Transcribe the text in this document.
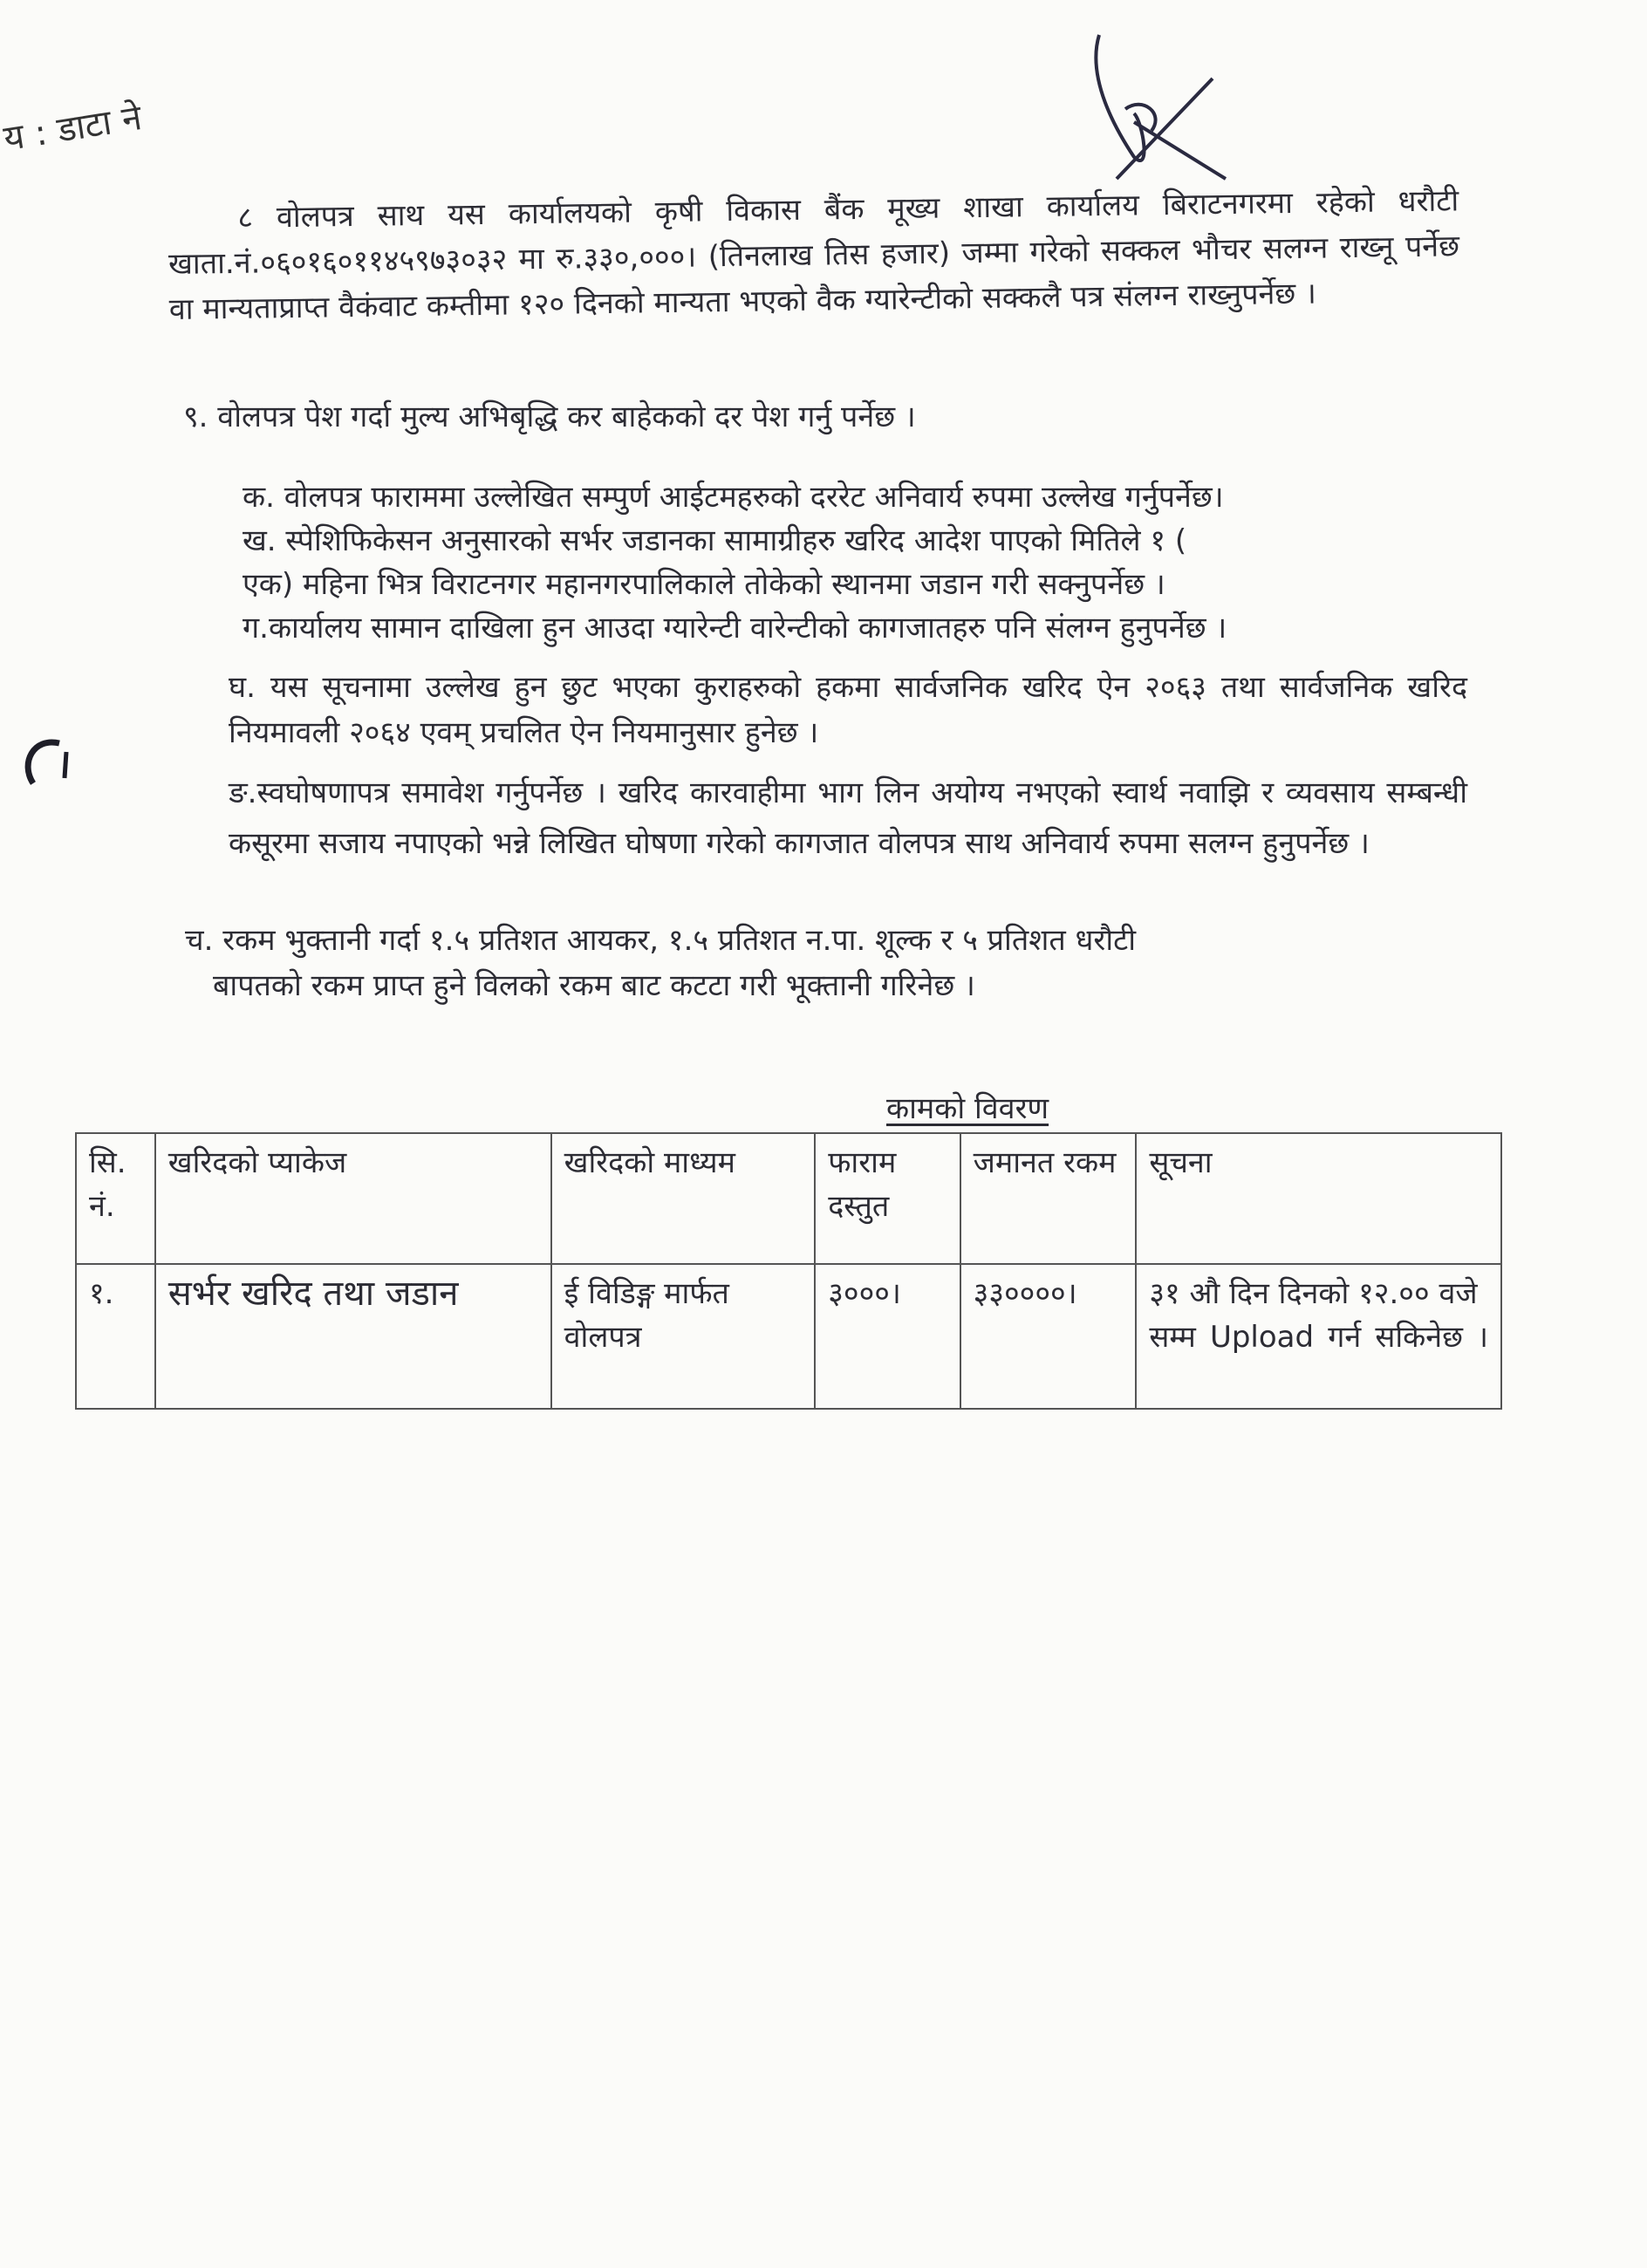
य : डाटा ने
८ वोलपत्र साथ यस कार्यालयको कृषी विकास बैंक मूख्य शाखा कार्यालय बिराटनगरमा रहेको धरौटी खाता.नं.०६०१६०११४५९७३०३२ मा रु.३३०,०००। (तिनलाख तिस हजार) जम्मा गरेको सक्कल भौचर सलग्न राख्नू पर्नेछ वा मान्यताप्राप्त वैकंवाट कम्तीमा १२० दिनको मान्यता भएको वैक ग्यारेन्टीको सक्कलै पत्र संलग्न राख्नुपर्नेछ ।
९. वोलपत्र पेश गर्दा मुल्य अभिबृद्धि कर बाहेकको दर पेश गर्नु पर्नेछ ।
क. वोलपत्र फाराममा उल्लेखित सम्पुर्ण आईटमहरुको दररेट अनिवार्य रुपमा उल्लेख गर्नुपर्नेछ।
ख. स्पेशिफिकेसन अनुसारको सर्भर जडानका सामाग्रीहरु खरिद आदेश पाएको मितिले १ (
एक) महिना भित्र विराटनगर महानगरपालिकाले तोकेको स्थानमा जडान गरी सक्नुपर्नेछ ।
ग.कार्यालय सामान दाखिला हुन आउदा ग्यारेन्टी वारेन्टीको कागजातहरु पनि संलग्न हुनुपर्नेछ ।
घ. यस सूचनामा उल्लेख हुन छुट भएका कुराहरुको हकमा सार्वजनिक खरिद ऐन २०६३ तथा सार्वजनिक खरिद नियमावली २०६४ एवम् प्रचलित ऐन नियमानुसार हुनेछ ।
ङ.स्वघोषणापत्र समावेश गर्नुपर्नेछ । खरिद कारवाहीमा भाग लिन अयोग्य नभएको स्वार्थ नवाझि र व्यवसाय सम्बन्धी कसूरमा सजाय नपाएको भन्ने लिखित घोषणा गरेको कागजात वोलपत्र साथ अनिवार्य रुपमा सलग्न हुनुपर्नेछ ।
च. रकम भुक्तानी गर्दा १.५ प्रतिशत आयकर, १.५ प्रतिशत न.पा. शूल्क र ५ प्रतिशत धरौटी
बापतको रकम प्राप्त हुने विलको रकम बाट कटटा गरी भूक्तानी गरिनेछ ।
कामको विवरण
सि. नं.	खरिदको प्याकेज	खरिदको माध्यम	फाराम दस्तुत	जमानत रकम	सूचना
१.	सर्भर खरिद तथा जडान	ई विडिङ्ग मार्फत वोलपत्र	३०००।	३३००००।	३१ औ दिन दिनको १२.०० वजे सम्म Upload गर्न सकिनेछ ।
